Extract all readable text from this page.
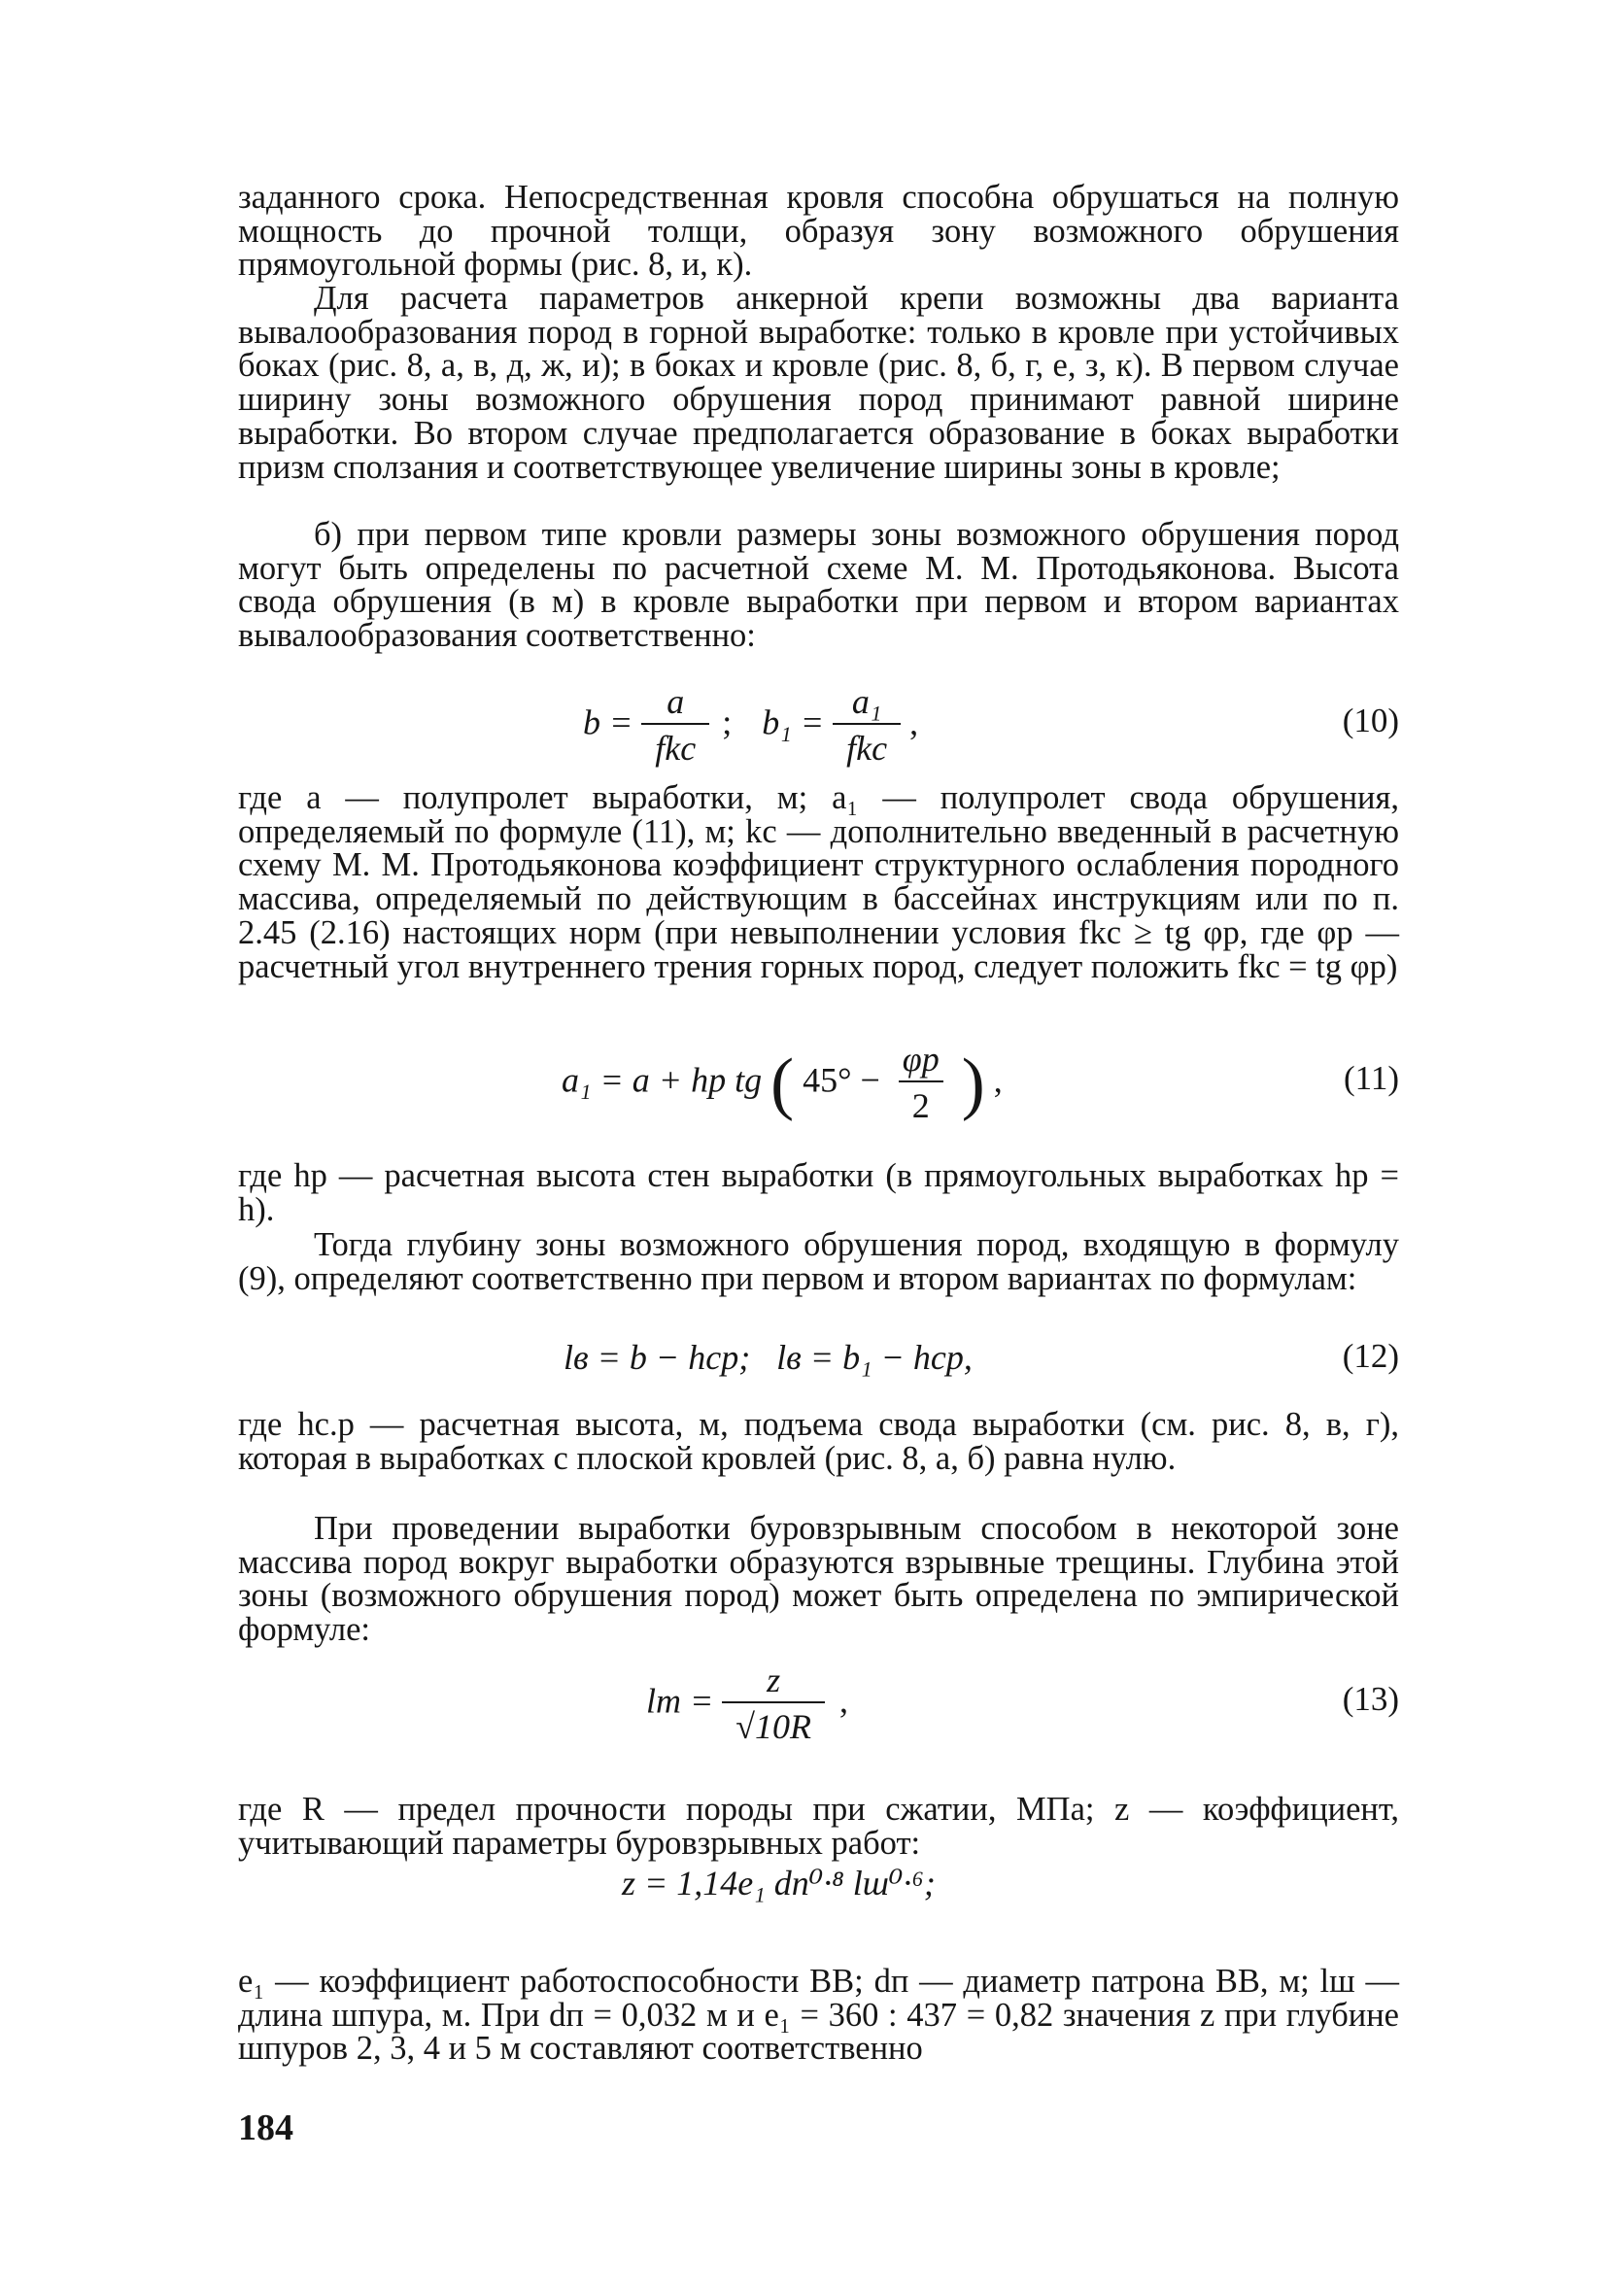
заданного срока. Непосредственная кровля способна обрушаться на полную мощность до прочной толщи, образуя зону возможного обрушения прямоугольной формы (рис. 8, и, к).

Для расчета параметров анкерной крепи возможны два варианта вывалообразования пород в горной выработке: только в кровле при устойчивых боках (рис. 8, а, в, д, ж, и); в боках и кровле (рис. 8, б, г, е, з, к). В первом случае ширину зоны возможного обрушения пород принимают равной ширине выработки. Во втором случае предполагается образование в боках выработки призм сползания и соответствующее увеличение ширины зоны в кровле;

б) при первом типе кровли размеры зоны возможного обрушения пород могут быть определены по расчетной схеме М. М. Протодьяконова. Высота свода обрушения (в м) в кровле выработки при первом и втором вариантах вывалообразования соответственно:

$b = \frac{a}{\text{fkс}}$ ; $b_1 = \frac{\text{a₁}}{\text{fkс}}$ ,	(10)

где a — полупролет выработки, м; a₁ — полупролет свода обрушения, определяемый по формуле (11), м; kс — дополнительно введенный в расчетную схему М. М. Протодьяконова коэффициент структурного ослабления породного массива, определяемый по действующим в бассейнах инструкциям или по п. 2.45 (2.16) настоящих норм (при невыполнении условия fkс ≥ tg φр, где φр — расчетный угол внутреннего трения горных пород, следует положить fkс = tg φр)

a₁ = a + hр tg ( $45^\circ - \frac{\varphi р}{2}$ ) ,	(11)

где hр — расчетная высота стен выработки (в прямоугольных выработках hр = h).

Тогда глубину зоны возможного обрушения пород, входящую в формулу (9), определяют соответственно при первом и втором вариантах по формулам:

lв = b − hср;   lв = b₁ − hср,	(12)

где hс.р — расчетная высота, м, подъема свода выработки (см. рис. 8, в, г), которая в выработках с плоской кровлей (рис. 8, а, б) равна нулю.

При проведении выработки буровзрывным способом в некоторой зоне массива пород вокруг выработки образуются взрывные трещины. Глубина этой зоны (возможного обрушения пород) может быть определена по эмпирической формуле:

lт = $\frac{z}{√10R}$ ,	(13)

где R — предел прочности породы при сжатии, МПа; z — коэффициент, учитывающий параметры буровзрывных работ:

z = 1,14e₁ dп⁰·⁸ lш⁰·⁶;

e₁ — коэффициент работоспособности ВВ; dп — диаметр патрона ВВ, м; lш — длина шпура, м. При dп = 0,032 м и e₁ = 360 : 437 = 0,82 значения z при глубине шпуров 2, 3, 4 и 5 м составляют соответственно

184
